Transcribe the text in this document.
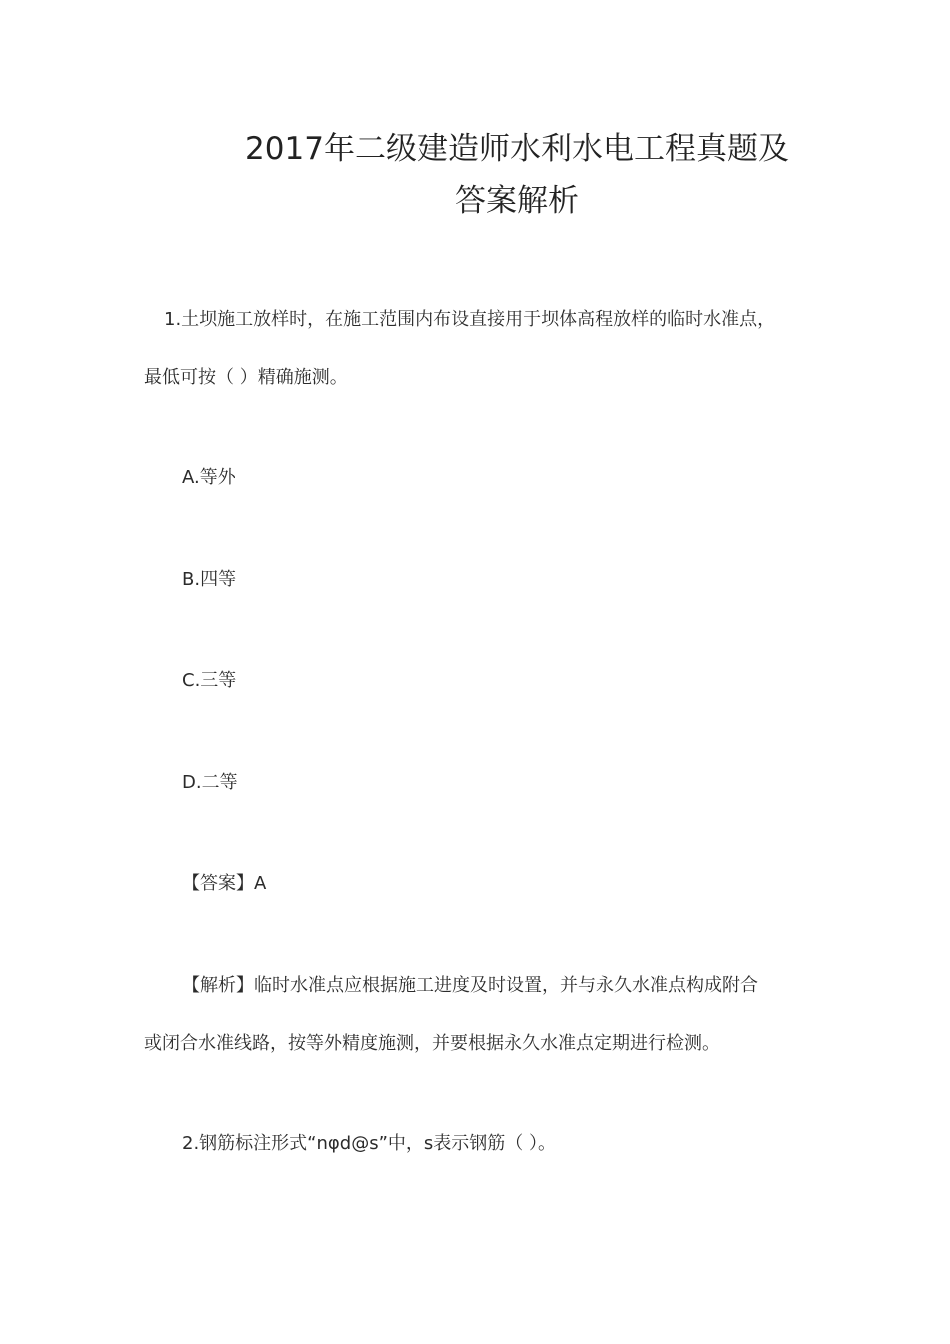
2017年二级建造师水利水电工程真题及
答案解析

1.土坝施工放样时，在施工范围内布设直接用于坝体高程放样的临时水准点，

最低可按（ ）精确施测。

A.等外

B.四等

C.三等

D.二等

【答案】A

【解析】临时水准点应根据施工进度及时设置，并与永久水准点构成附合

或闭合水准线路，按等外精度施测，并要根据永久水准点定期进行检测。

2.钢筋标注形式“nφd@s”中，s表示钢筋（ ）。
